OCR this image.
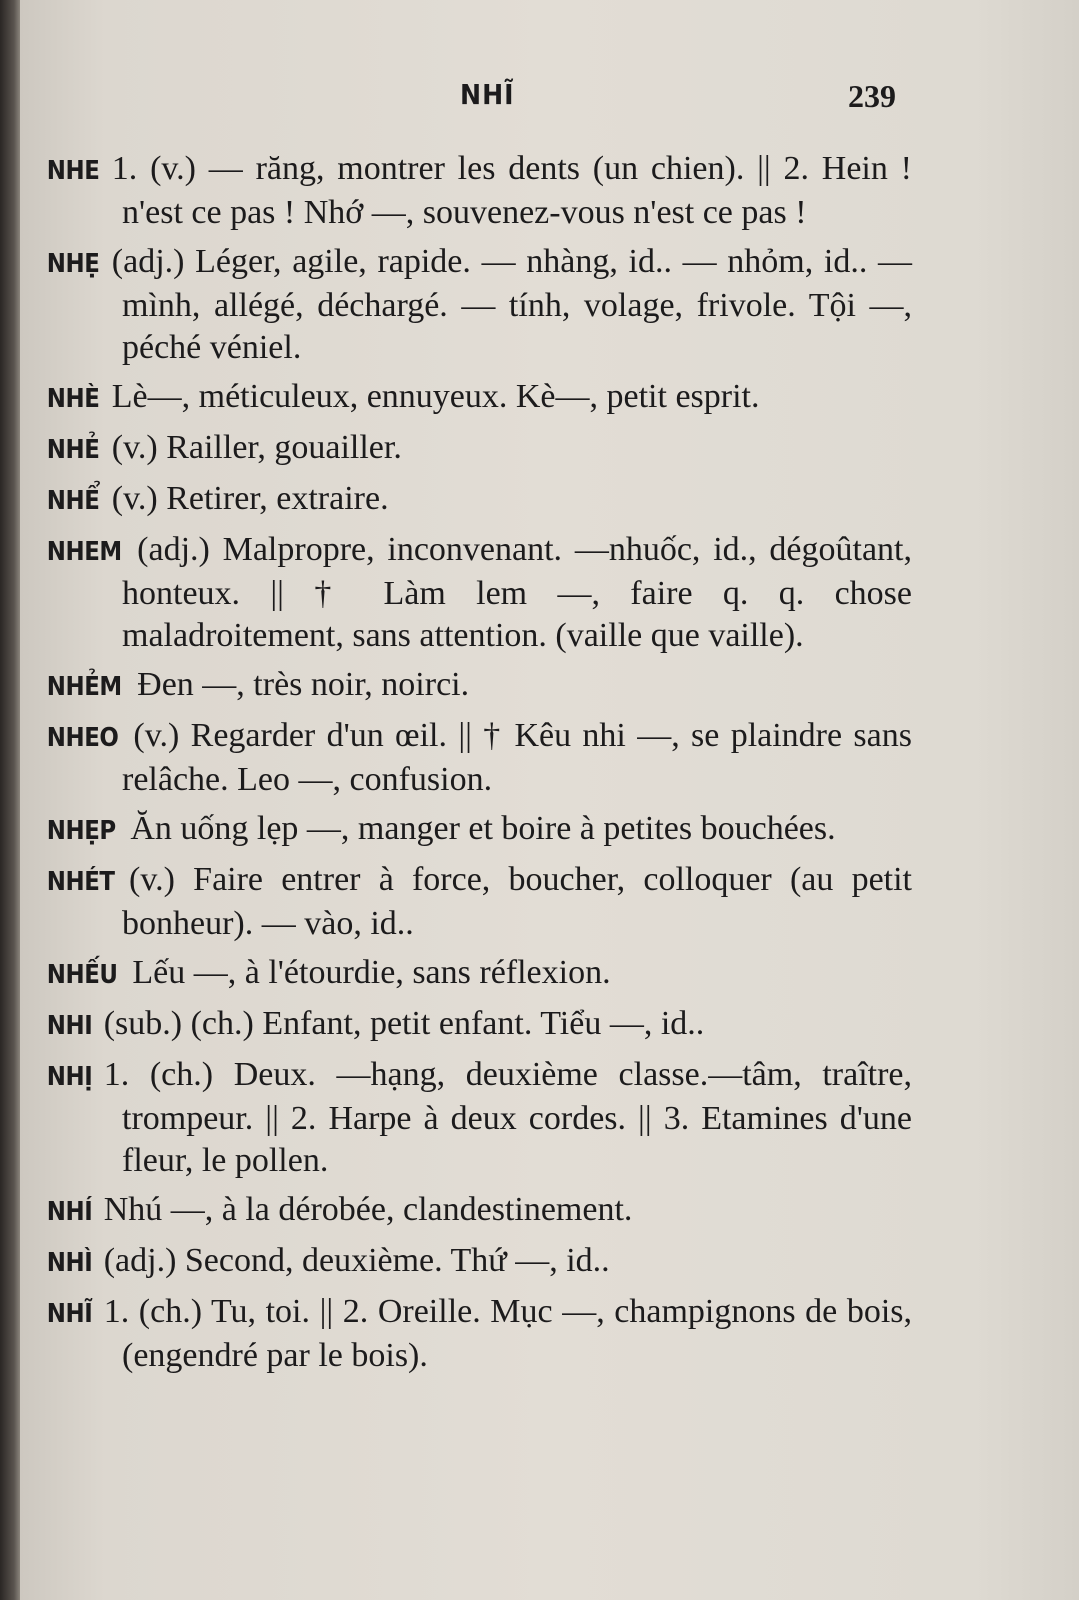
NHĨ	239

NHE 1. (v.) — răng, montrer les dents (un chien). || 2. Hein ! n'est ce pas ! Nhớ —, souvenez-vous n'est ce pas !

NHẸ (adj.) Léger, agile, rapide. — nhàng, id.. — nhỏm, id.. — mình, allégé, déchargé. — tính, volage, frivole. Tội —, péché véniel.

NHÈ Lè—, méticuleux, ennuyeux. Kè—, petit esprit.

NHẺ (v.) Railler, gouailler.

NHỂ (v.) Retirer, extraire.

NHEM (adj.) Malpropre, inconvenant. —nhuốc, id., dégoûtant, honteux. || † Làm lem —, faire q. q. chose maladroitement, sans attention. (vaille que vaille).

NHẺM Đen —, très noir, noirci.

NHEO (v.) Regarder d'un œil. || † Kêu nhi —, se plaindre sans relâche. Leo —, confusion.

NHẸP Ăn uống lẹp —, manger et boire à petites bouchées.

NHÉT (v.) Faire entrer à force, boucher, colloquer (au petit bonheur). — vào, id..

NHẾU Lếu —, à l'étourdie, sans réflexion.

NHI (sub.) (ch.) Enfant, petit enfant. Tiểu —, id..

NHỊ 1. (ch.) Deux. —hạng, deuxième classe.—tâm, traître, trompeur. || 2. Harpe à deux cordes. || 3. Etamines d'une fleur, le pollen.

NHÍ Nhú —, à la dérobée, clandestinement.

NHÌ (adj.) Second, deuxième. Thứ —, id..

NHĨ 1. (ch.) Tu, toi. || 2. Oreille. Mục —, champignons de bois, (engendré par le bois).
